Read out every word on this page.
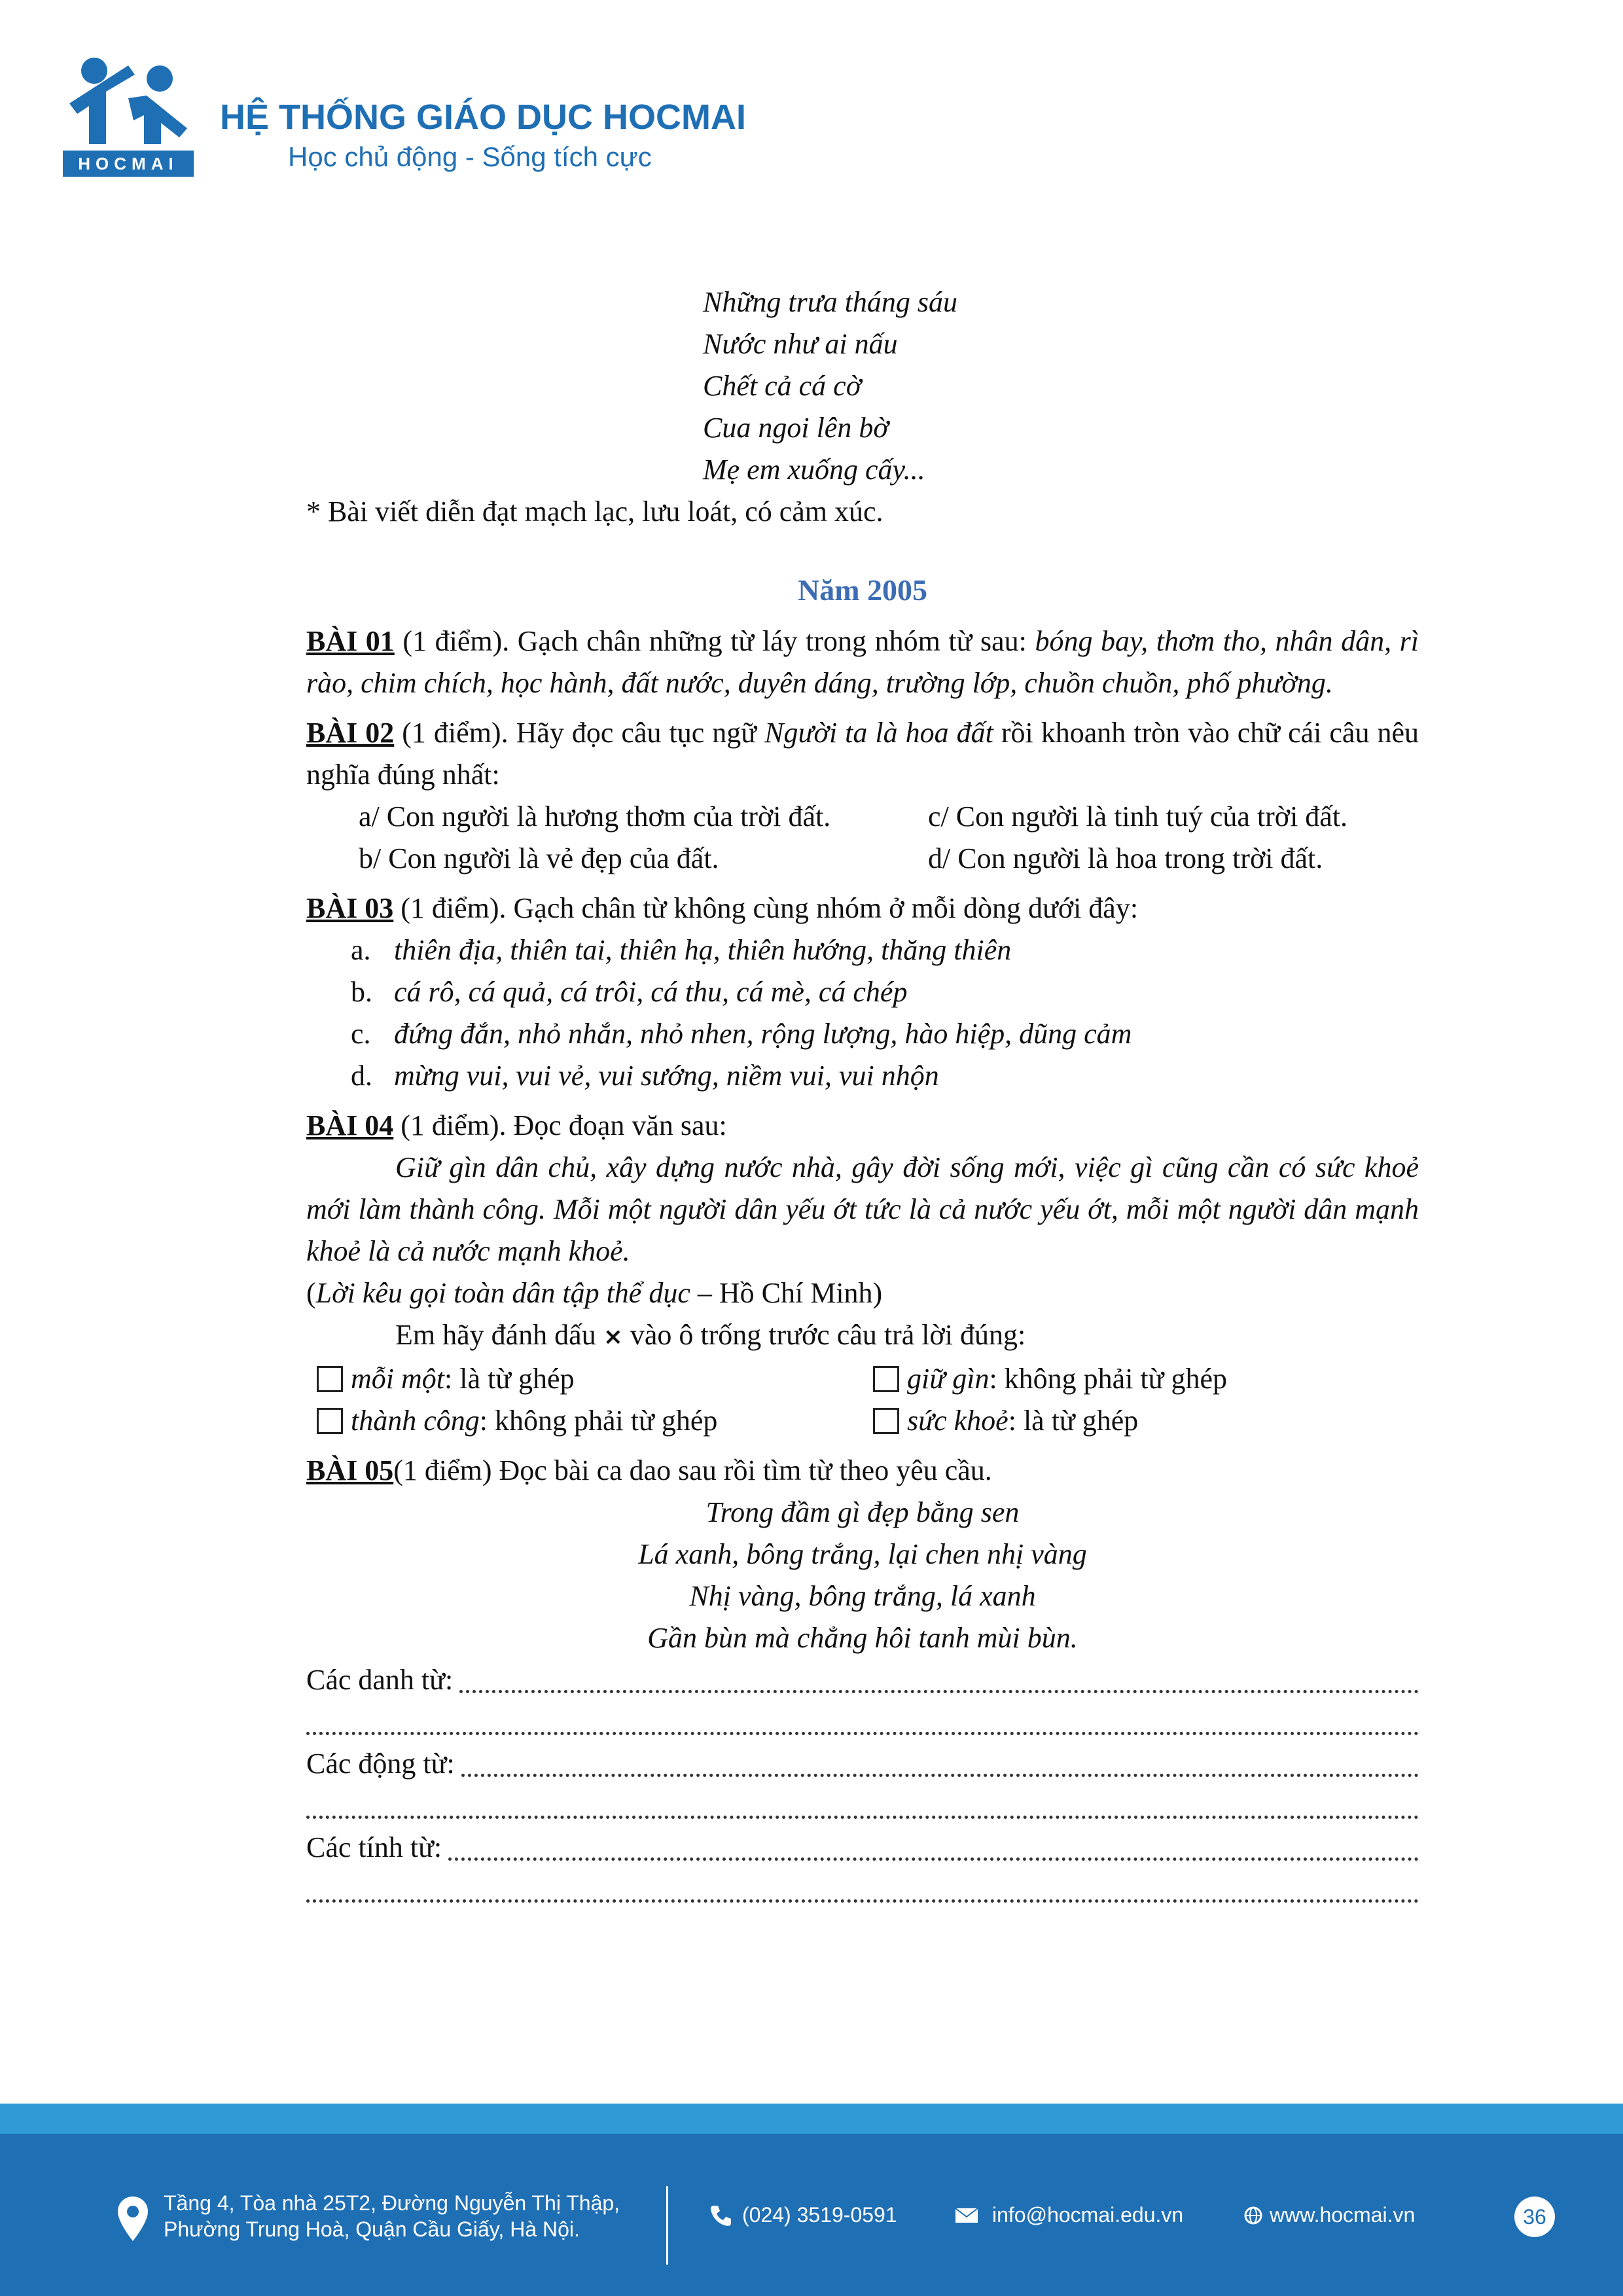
HOCMAI
HỆ THỐNG GIÁO DỤC HOCMAI
Học chủ động - Sống tích cực
Những trưa tháng sáu
Nước như ai nấu
Chết cả cá cờ
Cua ngoi lên bờ
Mẹ em xuống cấy...
* Bài viết diễn đạt mạch lạc, lưu loát, có cảm xúc.
Năm 2005
BÀI 01 (1 điểm). Gạch chân những từ láy trong nhóm từ sau: bóng bay, thơm tho, nhân dân, rì rào, chim chích, học hành, đất nước, duyên dáng, trường lớp, chuồn chuồn, phố phường.
BÀI 02 (1 điểm). Hãy đọc câu tục ngữ Người ta là hoa đất rồi khoanh tròn vào chữ cái câu nêu nghĩa đúng nhất:
a/ Con người là hương thơm của trời đất.	c/ Con người là tinh tuý của trời đất.
b/ Con người là vẻ đẹp của đất.	d/ Con người là hoa trong trời đất.
BÀI 03 (1 điểm). Gạch chân từ không cùng nhóm ở mỗi dòng dưới đây:
a. thiên địa, thiên tai, thiên hạ, thiên hướng, thăng thiên
b. cá rô, cá quả, cá trôi, cá thu, cá mè, cá chép
c. đứng đắn, nhỏ nhắn, nhỏ nhen, rộng lượng, hào hiệp, dũng cảm
d. mừng vui, vui vẻ, vui sướng, niềm vui, vui nhộn
BÀI 04 (1 điểm). Đọc đoạn văn sau:
Giữ gìn dân chủ, xây dựng nước nhà, gây đời sống mới, việc gì cũng cần có sức khoẻ mới làm thành công. Mỗi một người dân yếu ớt tức là cả nước yếu ớt, mỗi một người dân mạnh khoẻ là cả nước mạnh khoẻ.
(Lời kêu gọi toàn dân tập thể dục – Hồ Chí Minh)
Em hãy đánh dấu × vào ô trống trước câu trả lời đúng:
mỗi một : là từ ghép	giữ gìn : không phải từ ghép
thành công : không phải từ ghép	sức khoẻ : là từ ghép
BÀI 05(1 điểm) Đọc bài ca dao sau rồi tìm từ theo yêu cầu.
Trong đầm gì đẹp bằng sen
Lá xanh, bông trắng, lại chen nhị vàng
Nhị vàng, bông trắng, lá xanh
Gần bùn mà chẳng hôi tanh mùi bùn.
Các danh từ:
Các động từ:
Các tính từ:
Tầng 4, Tòa nhà 25T2, Đường Nguyễn Thị Thập,
Phường Trung Hoà, Quận Cầu Giấy, Hà Nội.
(024) 3519-0591	info@hocmai.edu.vn	www.hocmai.vn	36
